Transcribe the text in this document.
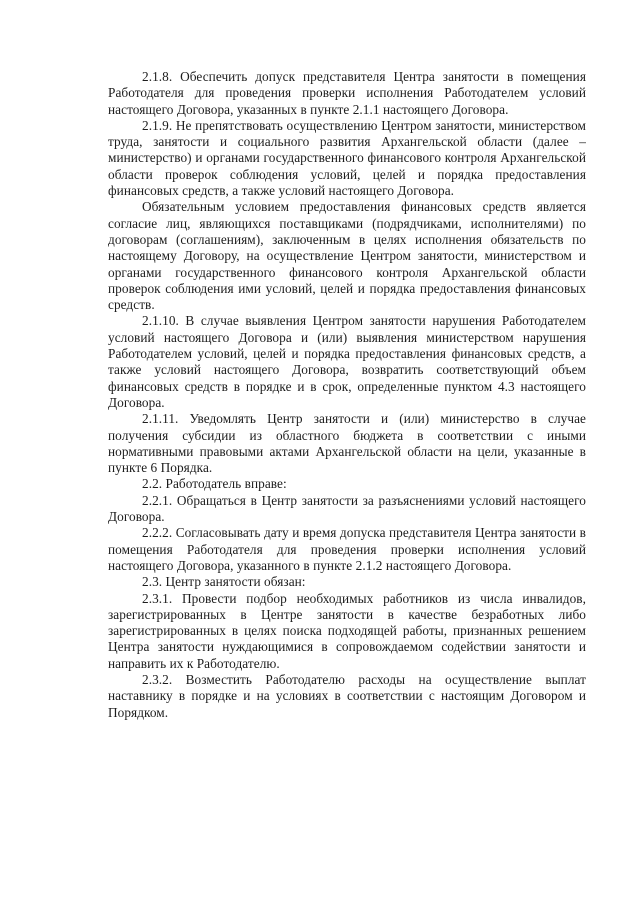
2.1.8. Обеспечить допуск представителя Центра занятости в помещения Работодателя для проведения проверки исполнения Работодателем условий настоящего Договора, указанных в пункте 2.1.1 настоящего Договора.

2.1.9. Не препятствовать осуществлению Центром занятости, министерством труда, занятости и социального развития Архангельской области (далее – министерство) и органами государственного финансового контроля Архангельской области проверок соблюдения условий, целей и порядка предоставления финансовых средств, а также условий настоящего Договора.

Обязательным условием предоставления финансовых средств является согласие лиц, являющихся поставщиками (подрядчиками, исполнителями) по договорам (соглашениям), заключенным в целях исполнения обязательств по настоящему Договору, на осуществление Центром занятости, министерством и органами государственного финансового контроля Архангельской области проверок соблюдения ими условий, целей и порядка предоставления финансовых средств.

2.1.10. В случае выявления Центром занятости нарушения Работодателем условий настоящего Договора и (или) выявления министерством нарушения Работодателем условий, целей и порядка предоставления финансовых средств, а также условий настоящего Договора, возвратить соответствующий объем финансовых средств в порядке и в срок, определенные пунктом 4.3 настоящего Договора.

2.1.11. Уведомлять Центр занятости и (или) министерство в случае получения субсидии из областного бюджета в соответствии с иными нормативными правовыми актами Архангельской области на цели, указанные в пункте 6 Порядка.

2.2. Работодатель вправе:

2.2.1. Обращаться в Центр занятости за разъяснениями условий настоящего Договора.

2.2.2. Согласовывать дату и время допуска представителя Центра занятости в помещения Работодателя для проведения проверки исполнения условий настоящего Договора, указанного в пункте 2.1.2 настоящего Договора.

2.3. Центр занятости обязан:

2.3.1. Провести подбор необходимых работников из числа инвалидов, зарегистрированных в Центре занятости в качестве безработных либо зарегистрированных в целях поиска подходящей работы, признанных решением Центра занятости нуждающимися в сопровождаемом содействии занятости и направить их к Работодателю.

2.3.2. Возместить Работодателю расходы на осуществление выплат наставнику в порядке и на условиях в соответствии с настоящим Договором и Порядком.
